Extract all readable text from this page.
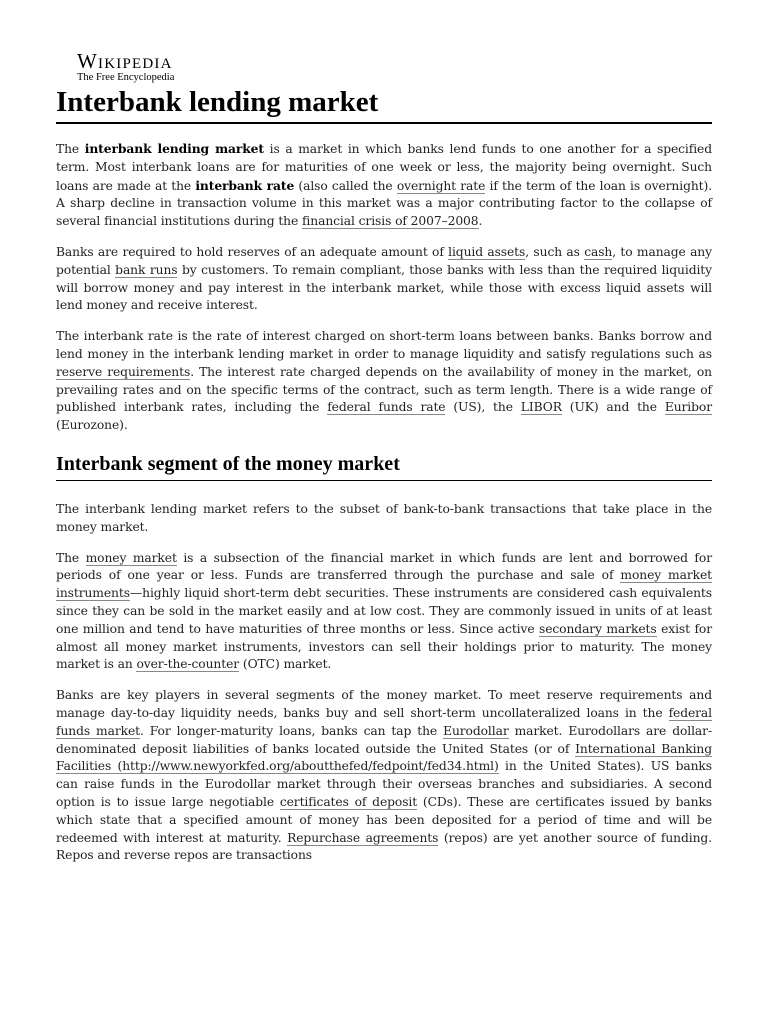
Wikipedia
The Free Encyclopedia
Interbank lending market

The interbank lending market is a market in which banks lend funds to one another for a specified term. Most interbank loans are for maturities of one week or less, the majority being overnight. Such loans are made at the interbank rate (also called the overnight rate if the term of the loan is overnight). A sharp decline in transaction volume in this market was a major contributing factor to the collapse of several financial institutions during the financial crisis of 2007–2008.

Banks are required to hold reserves of an adequate amount of liquid assets, such as cash, to manage any potential bank runs by customers. To remain compliant, those banks with less than the required liquidity will borrow money and pay interest in the interbank market, while those with excess liquid assets will lend money and receive interest.

The interbank rate is the rate of interest charged on short-term loans between banks. Banks borrow and lend money in the interbank lending market in order to manage liquidity and satisfy regulations such as reserve requirements. The interest rate charged depends on the availability of money in the market, on prevailing rates and on the specific terms of the contract, such as term length. There is a wide range of published interbank rates, including the federal funds rate (US), the LIBOR (UK) and the Euribor (Eurozone).

Interbank segment of the money market

The interbank lending market refers to the subset of bank-to-bank transactions that take place in the money market.

The money market is a subsection of the financial market in which funds are lent and borrowed for periods of one year or less. Funds are transferred through the purchase and sale of money market instruments—highly liquid short-term debt securities. These instruments are considered cash equivalents since they can be sold in the market easily and at low cost. They are commonly issued in units of at least one million and tend to have maturities of three months or less. Since active secondary markets exist for almost all money market instruments, investors can sell their holdings prior to maturity. The money market is an over-the-counter (OTC) market.

Banks are key players in several segments of the money market. To meet reserve requirements and manage day-to-day liquidity needs, banks buy and sell short-term uncollateralized loans in the federal funds market. For longer-maturity loans, banks can tap the Eurodollar market. Eurodollars are dollar-denominated deposit liabilities of banks located outside the United States (or of International Banking Facilities (http://www.newyorkfed.org/aboutthefed/fedpoint/fed34.html) in the United States). US banks can raise funds in the Eurodollar market through their overseas branches and subsidiaries. A second option is to issue large negotiable certificates of deposit (CDs). These are certificates issued by banks which state that a specified amount of money has been deposited for a period of time and will be redeemed with interest at maturity. Repurchase agreements (repos) are yet another source of funding. Repos and reverse repos are transactions
